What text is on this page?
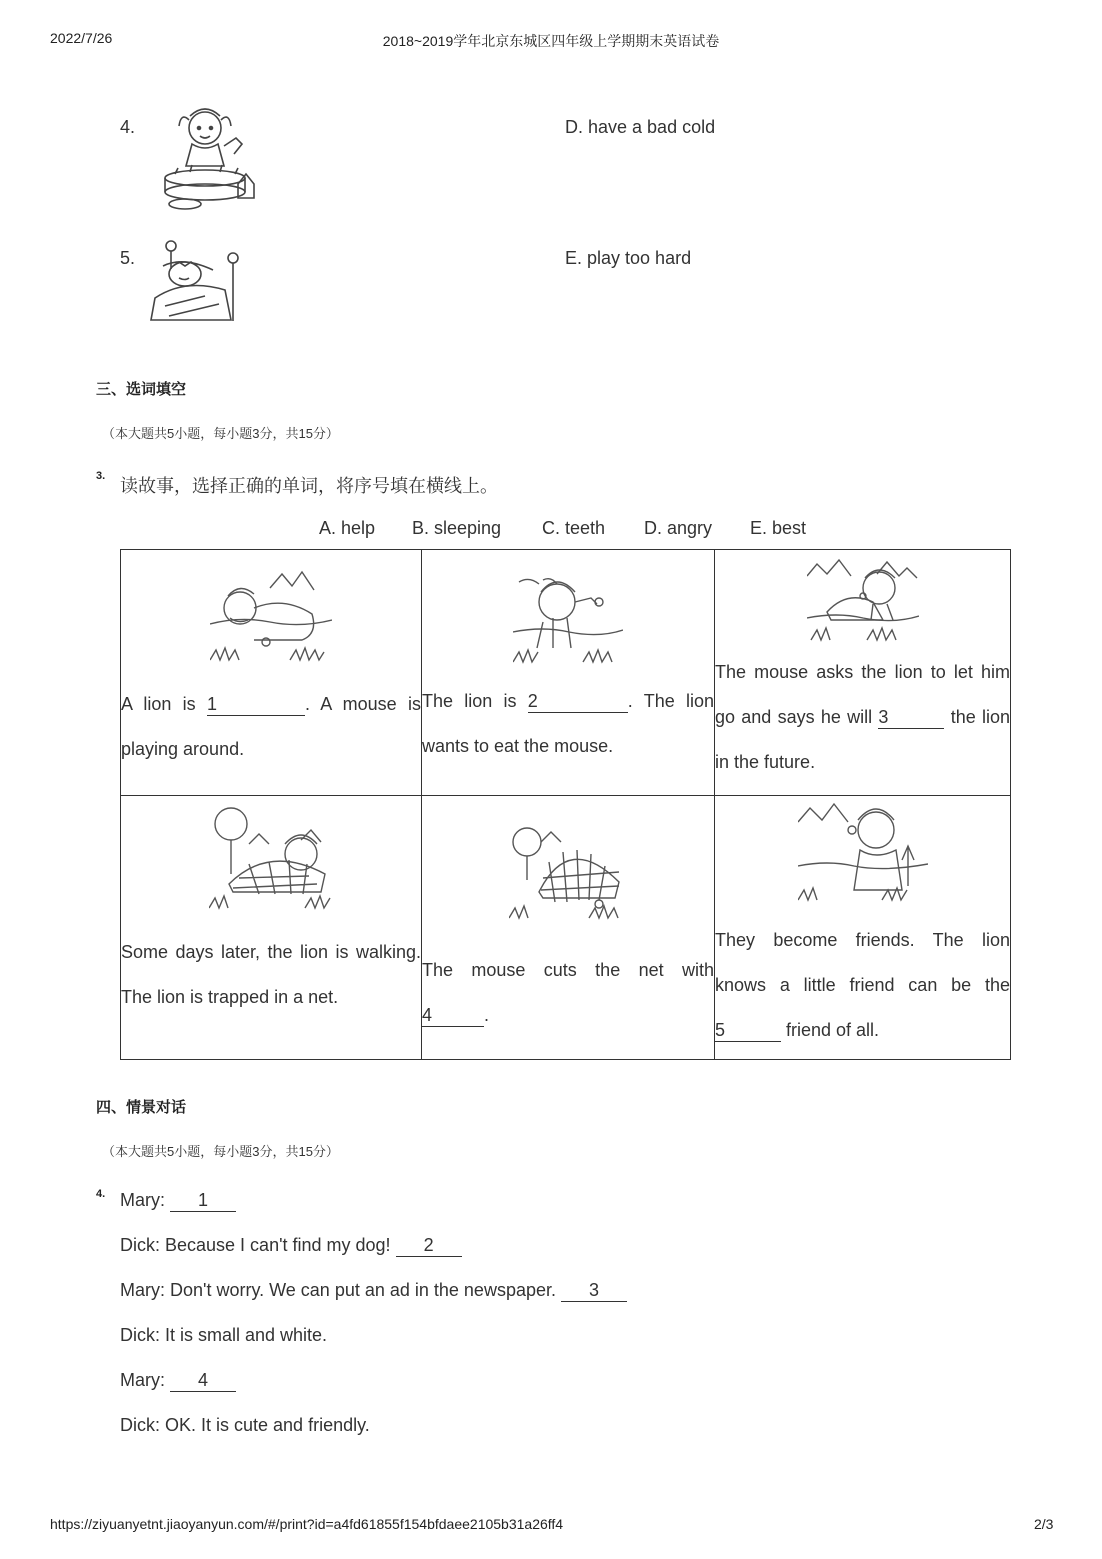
2022/7/26	2018~2019学年北京东城区四年级上学期期末英语试卷
4.	D. have a bad cold
5.	E. play too hard
三、选词填空
（本大题共5小题，每小题3分，共15分）
3. 读故事，选择正确的单词，将序号填在横线上。
A. help B. sleeping C. teeth D. angry E. best
A lion is 1 . A mouse is playing around.	The lion is 2 . The lion wants to eat the mouse.	The mouse asks the lion to let him go and says he will 3 the lion in the future.

Some days later, the lion is walking. The lion is trapped in a net.	The mouse cuts the net with 4 .	They become friends. The lion knows a little friend can be the 5 friend of all.
四、情景对话
（本大题共5小题，每小题3分，共15分）
4. Mary: 1
Dick: Because I can't find my dog! 2
Mary: Don't worry. We can put an ad in the newspaper. 3
Dick: It is small and white.
Mary: 4
Dick: OK. It is cute and friendly.
https://ziyuanyetnt.jiaoyanyun.com/#/print?id=a4fd61855f154bfdaee2105b31a26ff4	2/3
